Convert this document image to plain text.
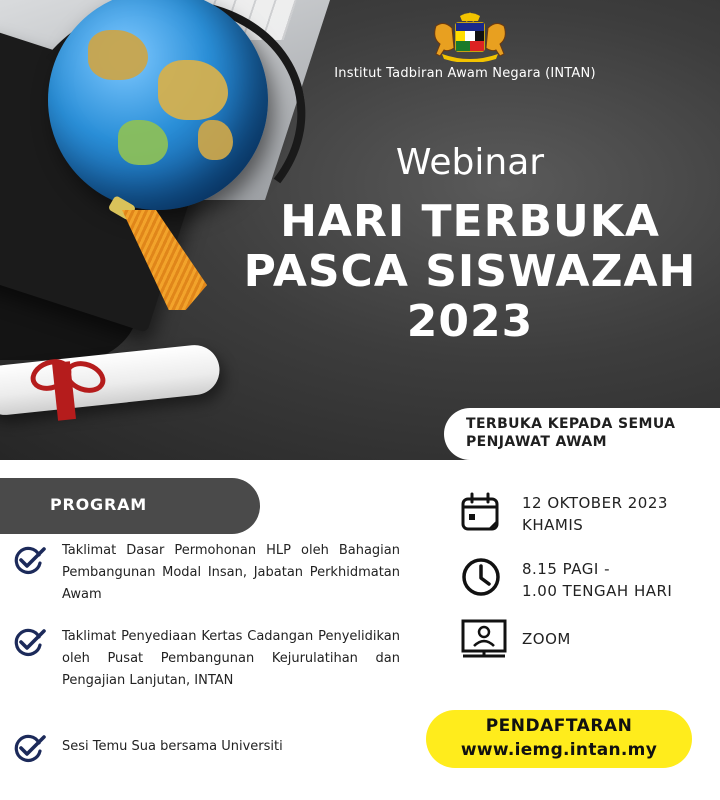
Institut Tadbiran Awam Negara (INTAN)
Webinar
HARI TERBUKA
PASCA SISWAZAH
2023
TERBUKA KEPADA SEMUA
PENJAWAT AWAM
PROGRAM
Taklimat Dasar Permohonan HLP oleh Bahagian Pembangunan Modal Insan, Jabatan Perkhidmatan Awam
Taklimat Penyediaan Kertas Cadangan Penyelidikan oleh Pusat Pembangunan Kejurulatihan dan Pengajian Lanjutan, INTAN
Sesi Temu Sua bersama Universiti
12 OKTOBER 2023
KHAMIS
8.15 PAGI -
1.00 TENGAH HARI
ZOOM
PENDAFTARAN
www.iemg.intan.my
